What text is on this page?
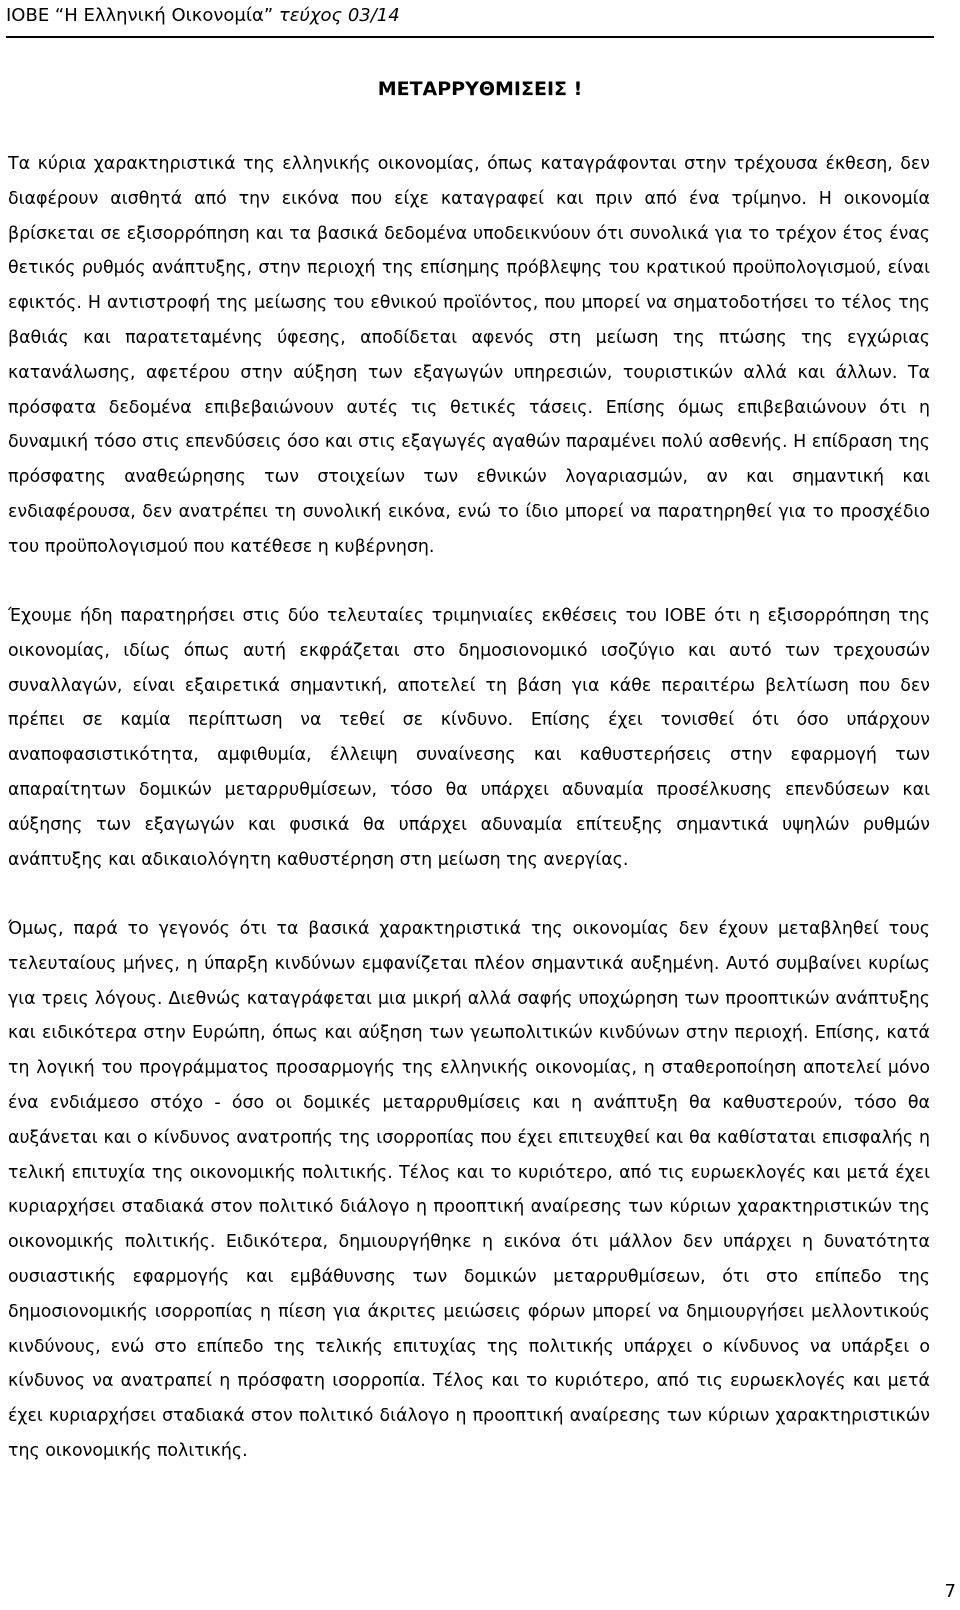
ΙΟΒΕ “Η Ελληνική Οικονομία” τεύχος 03/14
ΜΕΤΑΡΡΥΘΜΙΣΕΙΣ !

Τα κύρια χαρακτηριστικά της ελληνικής οικονομίας, όπως καταγράφονται στην τρέχουσα έκθεση, δεν διαφέρουν αισθητά από την εικόνα που είχε καταγραφεί και πριν από ένα τρίμηνο. Η οικονομία βρίσκεται σε εξισορρόπηση και τα βασικά δεδομένα υποδεικνύουν ότι συνολικά για το τρέχον έτος ένας θετικός ρυθμός ανάπτυξης, στην περιοχή της επίσημης πρόβλεψης του κρατικού προϋπολογισμού, είναι εφικτός. Η αντιστροφή της μείωσης του εθνικού προϊόντος, που μπορεί να σηματοδοτήσει το τέλος της βαθιάς και παρατεταμένης ύφεσης, αποδίδεται αφενός στη μείωση της πτώσης της εγχώριας κατανάλωσης, αφετέρου στην αύξηση των εξαγωγών υπηρεσιών, τουριστικών αλλά και άλλων. Τα πρόσφατα δεδομένα επιβεβαιώνουν αυτές τις θετικές τάσεις. Επίσης όμως επιβεβαιώνουν ότι η δυναμική τόσο στις επενδύσεις όσο και στις εξαγωγές αγαθών παραμένει πολύ ασθενής. Η επίδραση της πρόσφατης αναθεώρησης των στοιχείων των εθνικών λογαριασμών, αν και σημαντική και ενδιαφέρουσα, δεν ανατρέπει τη συνολική εικόνα, ενώ το ίδιο μπορεί να παρατηρηθεί για το προσχέδιο του προϋπολογισμού που κατέθεσε η κυβέρνηση.

Έχουμε ήδη παρατηρήσει στις δύο τελευταίες τριμηνιαίες εκθέσεις του ΙΟΒΕ ότι η εξισορρόπηση της οικονομίας, ιδίως όπως αυτή εκφράζεται στο δημοσιονομικό ισοζύγιο και αυτό των τρεχουσών συναλλαγών, είναι εξαιρετικά σημαντική, αποτελεί τη βάση για κάθε περαιτέρω βελτίωση που δεν πρέπει σε καμία περίπτωση να τεθεί σε κίνδυνο. Επίσης έχει τονισθεί ότι όσο υπάρχουν αναποφασιστικότητα, αμφιθυμία, έλλειψη συναίνεσης και καθυστερήσεις στην εφαρμογή των απαραίτητων δομικών μεταρρυθμίσεων, τόσο θα υπάρχει αδυναμία προσέλκυσης επενδύσεων και αύξησης των εξαγωγών και φυσικά θα υπάρχει αδυναμία επίτευξης σημαντικά υψηλών ρυθμών ανάπτυξης και αδικαιολόγητη καθυστέρηση στη μείωση της ανεργίας.

Όμως, παρά το γεγονός ότι τα βασικά χαρακτηριστικά της οικονομίας δεν έχουν μεταβληθεί τους τελευταίους μήνες, η ύπαρξη κινδύνων εμφανίζεται πλέον σημαντικά αυξημένη. Αυτό συμβαίνει κυρίως για τρεις λόγους. Διεθνώς καταγράφεται μια μικρή αλλά σαφής υποχώρηση των προοπτικών ανάπτυξης και ειδικότερα στην Ευρώπη, όπως και αύξηση των γεωπολιτικών κινδύνων στην περιοχή. Επίσης, κατά τη λογική του προγράμματος προσαρμογής της ελληνικής οικονομίας, η σταθεροποίηση αποτελεί μόνο ένα ενδιάμεσο στόχο - όσο οι δομικές μεταρρυθμίσεις και η ανάπτυξη θα καθυστερούν, τόσο θα αυξάνεται και ο κίνδυνος ανατροπής της ισορροπίας που έχει επιτευχθεί και θα καθίσταται επισφαλής η τελική επιτυχία της οικονομικής πολιτικής. Τέλος και το κυριότερο, από τις ευρωεκλογές και μετά έχει κυριαρχήσει σταδιακά στον πολιτικό διάλογο η προοπτική αναίρεσης των κύριων χαρακτηριστικών της οικονομικής πολιτικής. Ειδικότερα, δημιουργήθηκε η εικόνα ότι μάλλον δεν υπάρχει η δυνατότητα ουσιαστικής εφαρμογής και εμβάθυνσης των δομικών μεταρρυθμίσεων, ότι στο επίπεδο της δημοσιονομικής ισορροπίας η πίεση για άκριτες μειώσεις φόρων μπορεί να δημιουργήσει μελλοντικούς κινδύνους, ενώ στο επίπεδο της τελικής επιτυχίας της πολιτικής υπάρχει ο κίνδυνος να υπάρξει ο κίνδυνος να ανατραπεί η πρόσφατη ισορροπία. Τέλος και το κυριότερο, από τις ευρωεκλογές και μετά έχει κυριαρχήσει σταδιακά στον πολιτικό διάλογο η προοπτική αναίρεσης των κύριων χαρακτηριστικών της οικονομικής πολιτικής.

7
